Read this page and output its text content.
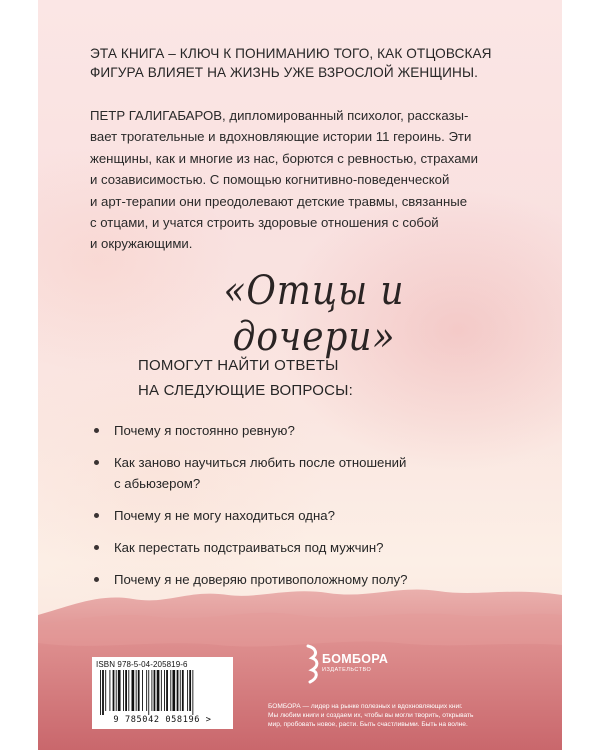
ЭТА КНИГА – КЛЮЧ К ПОНИМАНИЮ ТОГО, КАК ОТЦОВСКАЯ
ФИГУРА ВЛИЯЕТ НА ЖИЗНЬ УЖЕ ВЗРОСЛОЙ ЖЕНЩИНЫ.

ПЕТР ГАЛИГАБАРОВ, дипломированный психолог, рассказы-
вает трогательные и вдохновляющие истории 11 героинь. Эти
женщины, как и многие из нас, борются с ревностью, страхами
и созависимостью. С помощью когнитивно-поведенческой
и арт-терапии они преодолевают детские травмы, связанные
с отцами, и учатся строить здоровые отношения с собой
и окружающими.

«Отцы и дочери»

ПОМОГУТ НАЙТИ ОТВЕТЫ
НА СЛЕДУЮЩИЕ ВОПРОСЫ:

Почему я постоянно ревную?
Как заново научиться любить после отношений
с абьюзером?
Почему я не могу находиться одна?
Как перестать подстраиваться под мужчин?
Почему я не доверяю противоположному полу?
ISBN 978-5-04-205819-6
9 785042 058196 >
БОМБОРА
ИЗДАТЕЛЬСТВО

БОМБОРА — лидер на рынке полезных и вдохновляющих книг.
Мы любим книги и создаем их, чтобы вы могли творить, открывать
мир, пробовать новое, расти. Быть счастливыми. Быть на волне.
